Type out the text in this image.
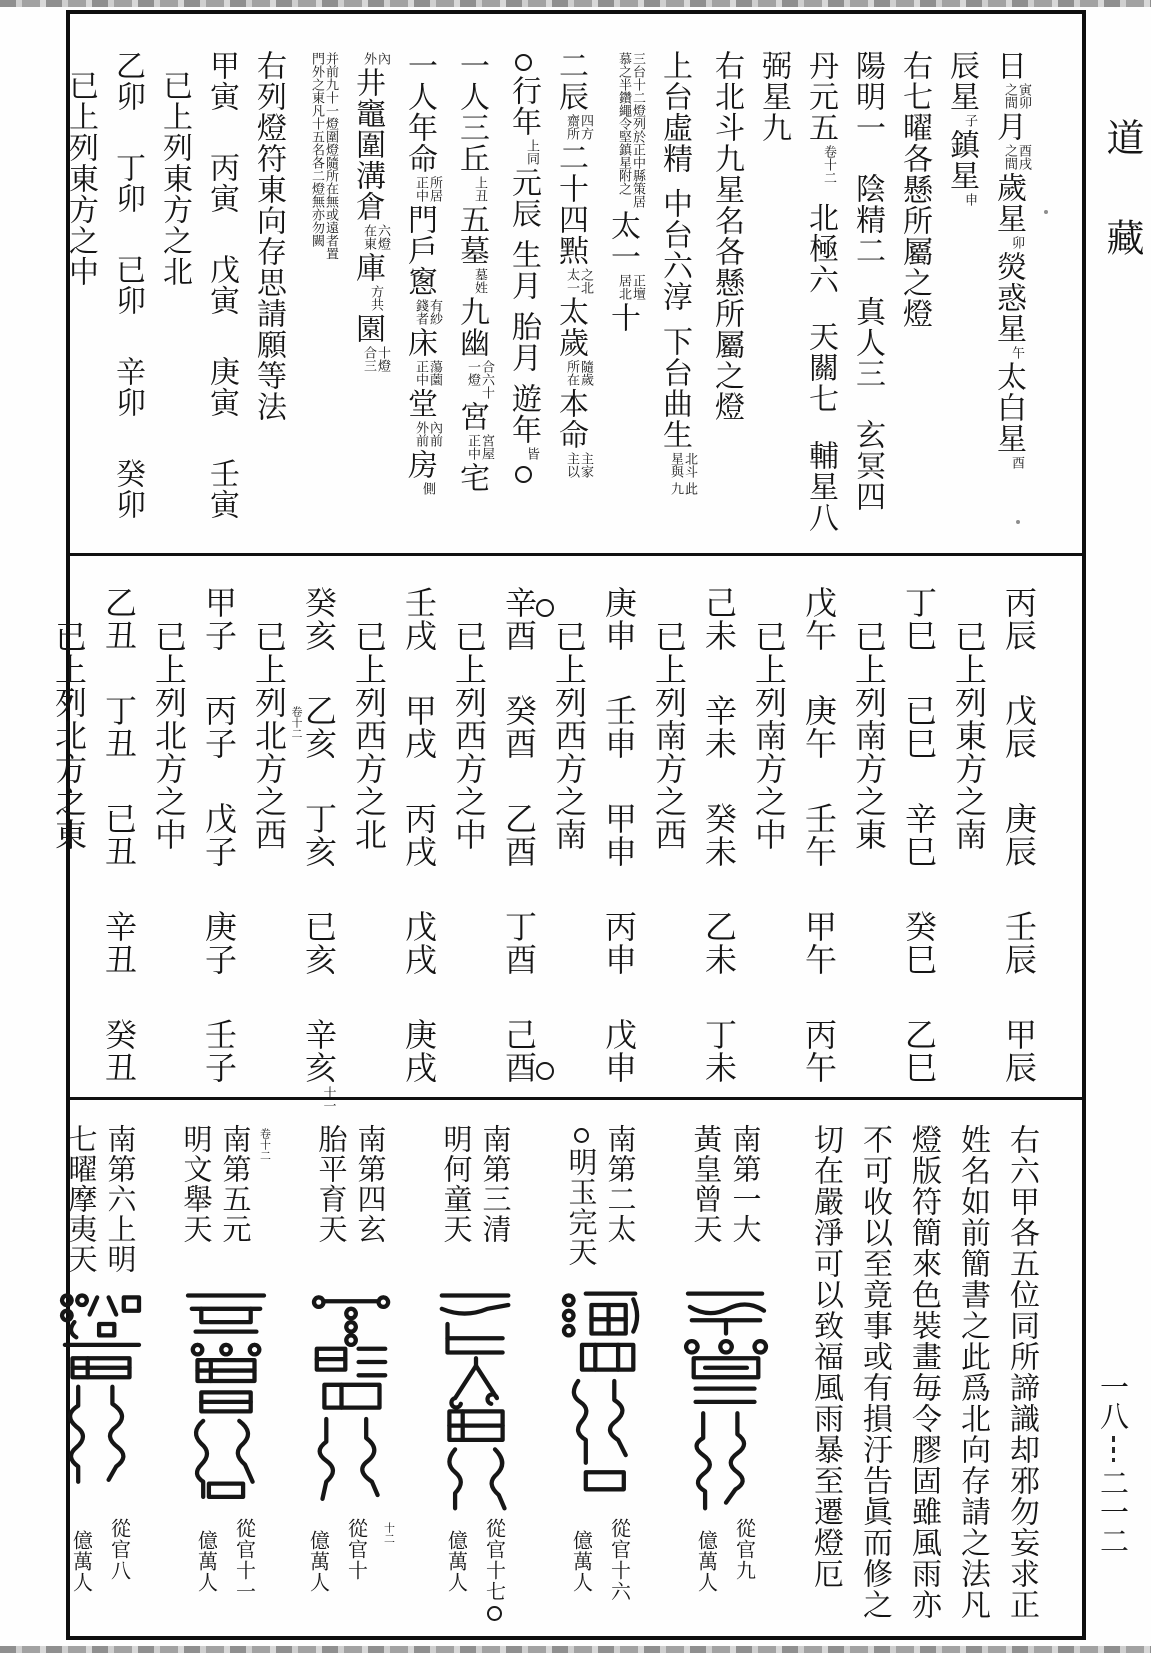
日
寅卯
之間
月
酉戌
之間
歲星
卯
熒惑星
午
太白星
酉
辰星
子
鎮星
申
右七曜各懸所屬之燈
陽明一陰精二真人三玄冥四
丹元五
卷十二
北極六天關七輔星八
弼星九
右北斗九星名各懸所屬之燈
上台虛精中台六淳下台曲生
北斗
星與
此
九
三台十二燈列於正中縣策居
慕之半鑽繩令堅鎮星附之
太一
正壇
居北
十
二辰
四方
齋所
二十四㸃
之北
太一
太歲
隨歲
所在
本命
主家
主以
行年
上同
元辰生月胎月遊年
皆
一人三丘
上丑
五墓
墓姓
九幽
合六十
一燈
宮
宮屋
正中
宅
一人年命
所居
正中
門戶窻
有紗
錢者
床
蕩薗
正中
堂
內前
外前
房
側
內
外
井竈圍溝倉
六燈
在東
庫
方共
園
十燈
合三
并前九十一燈圍燈隨所在無或遠者置
門外之東凡十五名各二燈無亦勿闕
右列燈符東向存思請願等法
甲寅丙寅戊寅庚寅壬寅
已上列東方之北
乙卯丁卯已卯辛卯癸卯
已上列東方之中
丙辰戊辰庚辰壬辰甲辰
已上列東方之南
丁巳已巳辛巳癸巳乙巳
已上列南方之東
戊午庚午壬午甲午丙午
已上列南方之中
己未辛未癸未乙未丁未
已上列南方之西
庚申壬申甲申丙申戊申
已上列西方之南
辛酉癸酉乙酉丁酉己酉
已上列西方之中
壬戌甲戌丙戌戊戌庚戌
已上列西方之北
癸亥乙亥丁亥已亥辛亥
十一
已上列北方之西
甲子丙子戊子庚子壬子
已上列北方之中
乙丑丁丑已丑辛丑癸丑
已上列北方之東
右六甲各五位同所諦識却邪勿妄求正
姓名如前簡書之此爲北向存請之法凡
燈版符簡來色裝畫毎令膠固雖風雨亦
不可收以至竟事或有損汙告眞而修之
切在嚴淨可以致福風雨暴至遷燈厄
南第一大
黃皇曾天
從官九
億萬人
南第二太
明玉完天
從官十六
億萬人
南第三清
明何童天
從官十七
億萬人
南第四玄
胎平育天
十二
從官十
億萬人
卷十二
南第五元
明文舉天
從官十一
億萬人
南第六上明
七曜摩夷天
從官八
億萬人
卷十二
道藏
一八二一二
